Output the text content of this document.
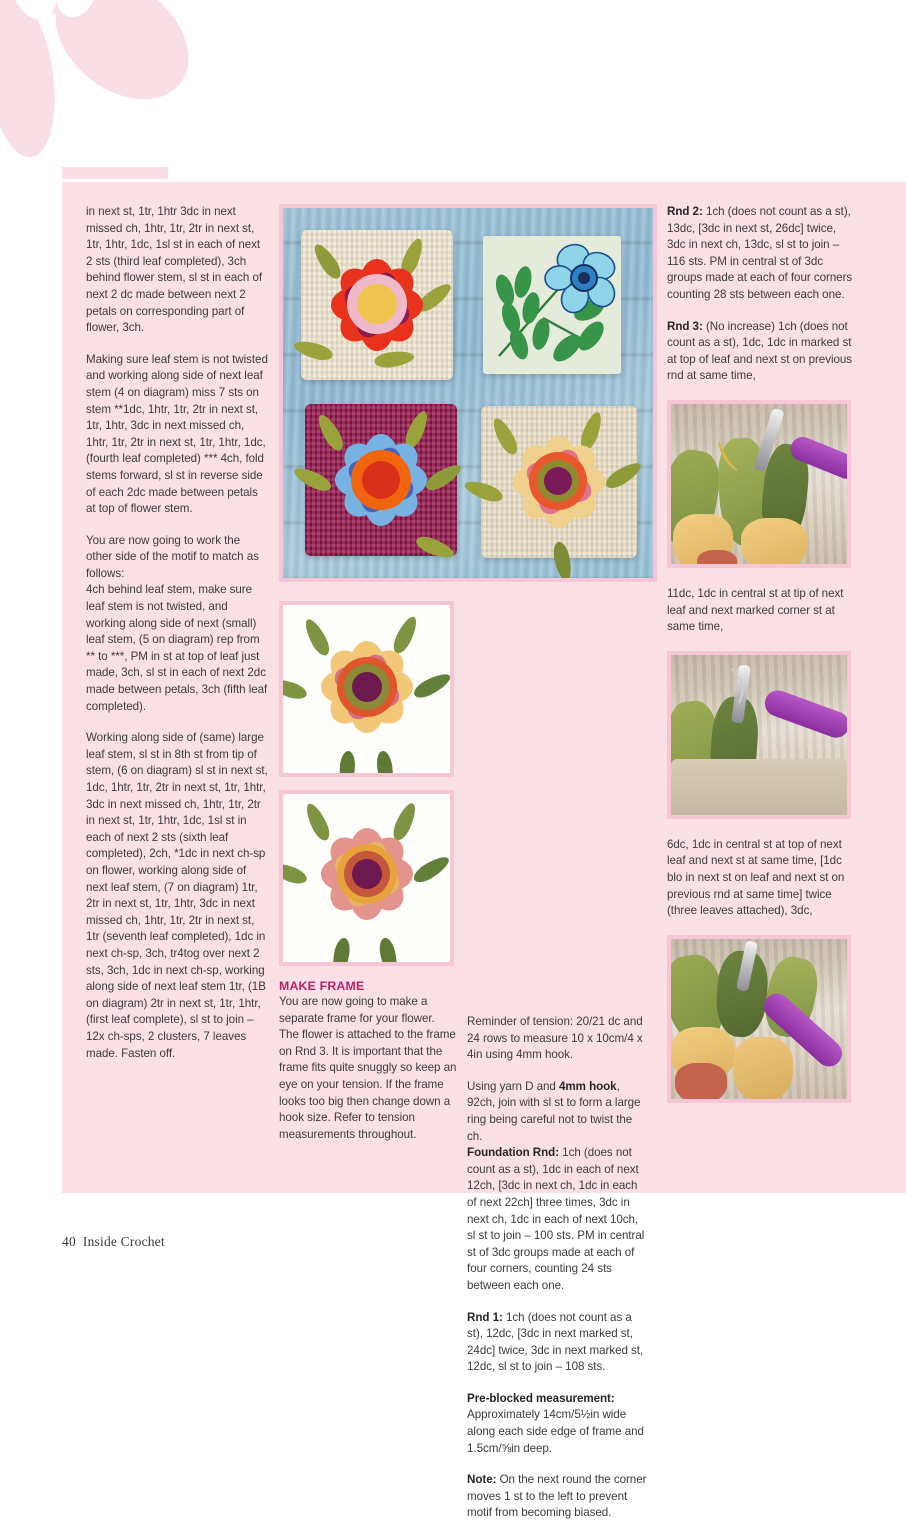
in next st, 1tr, 1htr 3dc in next missed ch, 1htr, 1tr, 2tr in next st, 1tr, 1htr, 1dc, 1sl st in each of next 2 sts (third leaf completed), 3ch behind flower stem, sl st in each of next 2 dc made between next 2 petals on corresponding part of flower, 3ch.

Making sure leaf stem is not twisted and working along side of next leaf stem (4 on diagram) miss 7 sts on stem **1dc, 1htr, 1tr, 2tr in next st, 1tr, 1htr, 3dc in next missed ch, 1htr, 1tr, 2tr in next st, 1tr, 1htr, 1dc, (fourth leaf completed) *** 4ch, fold stems forward, sl st in reverse side of each 2dc made between petals at top of flower stem.

You are now going to work the other side of the motif to match as follows:

4ch behind leaf stem, make sure leaf stem is not twisted, and working along side of next (small) leaf stem, (5 on diagram) rep from ** to ***, PM in st at top of leaf just made, 3ch, sl st in each of next 2dc made between petals, 3ch (fifth leaf completed).

Working along side of (same) large leaf stem, sl st in 8th st from tip of stem, (6 on diagram) sl st in next st, 1dc, 1htr, 1tr, 2tr in next st, 1tr, 1htr, 3dc in next missed ch, 1htr, 1tr, 2tr in next st, 1tr, 1htr, 1dc, 1sl st in each of next 2 sts (sixth leaf completed), 2ch, *1dc in next ch-sp on flower, working along side of next leaf stem, (7 on diagram) 1tr, 2tr in next st, 1tr, 1htr, 3dc in next missed ch, 1htr, 1tr, 2tr in next st, 1tr (seventh leaf completed), 1dc in next ch-sp, 3ch, tr4tog over next 2 sts, 3ch, 1dc in next ch-sp, working along side of next leaf stem 1tr, (1B on diagram) 2tr in next st, 1tr, 1htr, (first leaf complete), sl st to join – 12x ch-sps, 2 clusters, 7 leaves made. Fasten off.

MAKE FRAME

You are now going to make a separate frame for your flower. The flower is attached to the frame on Rnd 3. It is important that the frame fits quite snuggly so keep an eye on your tension. If the frame looks too big then change down a hook size. Refer to tension measurements throughout.

Reminder of tension: 20/21 dc and 24 rows to measure 10 x 10cm/4 x 4in using 4mm hook.

Using yarn D and 4mm hook, 92ch, join with sl st to form a large ring being careful not to twist the ch.

Foundation Rnd: 1ch (does not count as a st), 1dc in each of next 12ch, [3dc in next ch, 1dc in each of next 22ch] three times, 3dc in next ch, 1dc in each of next 10ch, sl st to join – 100 sts. PM in central st of 3dc groups made at each of four corners, counting 24 sts between each one.

Rnd 1: 1ch (does not count as a st), 12dc, [3dc in next marked st, 24dc] twice, 3dc in next marked st, 12dc, sl st to join – 108 sts.

Pre-blocked measurement: Approximately 14cm/5½in wide along each side edge of frame and 1.5cm/⅝in deep.

Note: On the next round the corner moves 1 st to the left to prevent motif from becoming biased.

Rnd 2: 1ch (does not count as a st), 13dc, [3dc in next st, 26dc] twice, 3dc in next ch, 13dc, sl st to join – 116 sts. PM in central st of 3dc groups made at each of four corners counting 28 sts between each one.

Rnd 3: (No increase) 1ch (does not count as a st), 1dc, 1dc in marked st at top of leaf and next st on previous rnd at same time,

11dc, 1dc in central st at tip of next leaf and next marked corner st at same time,

6dc, 1dc in central st at top of next leaf and next st at same time, [1dc blo in next st on leaf and next st on previous rnd at same time] twice (three leaves attached), 3dc,

40 Inside Crochet
